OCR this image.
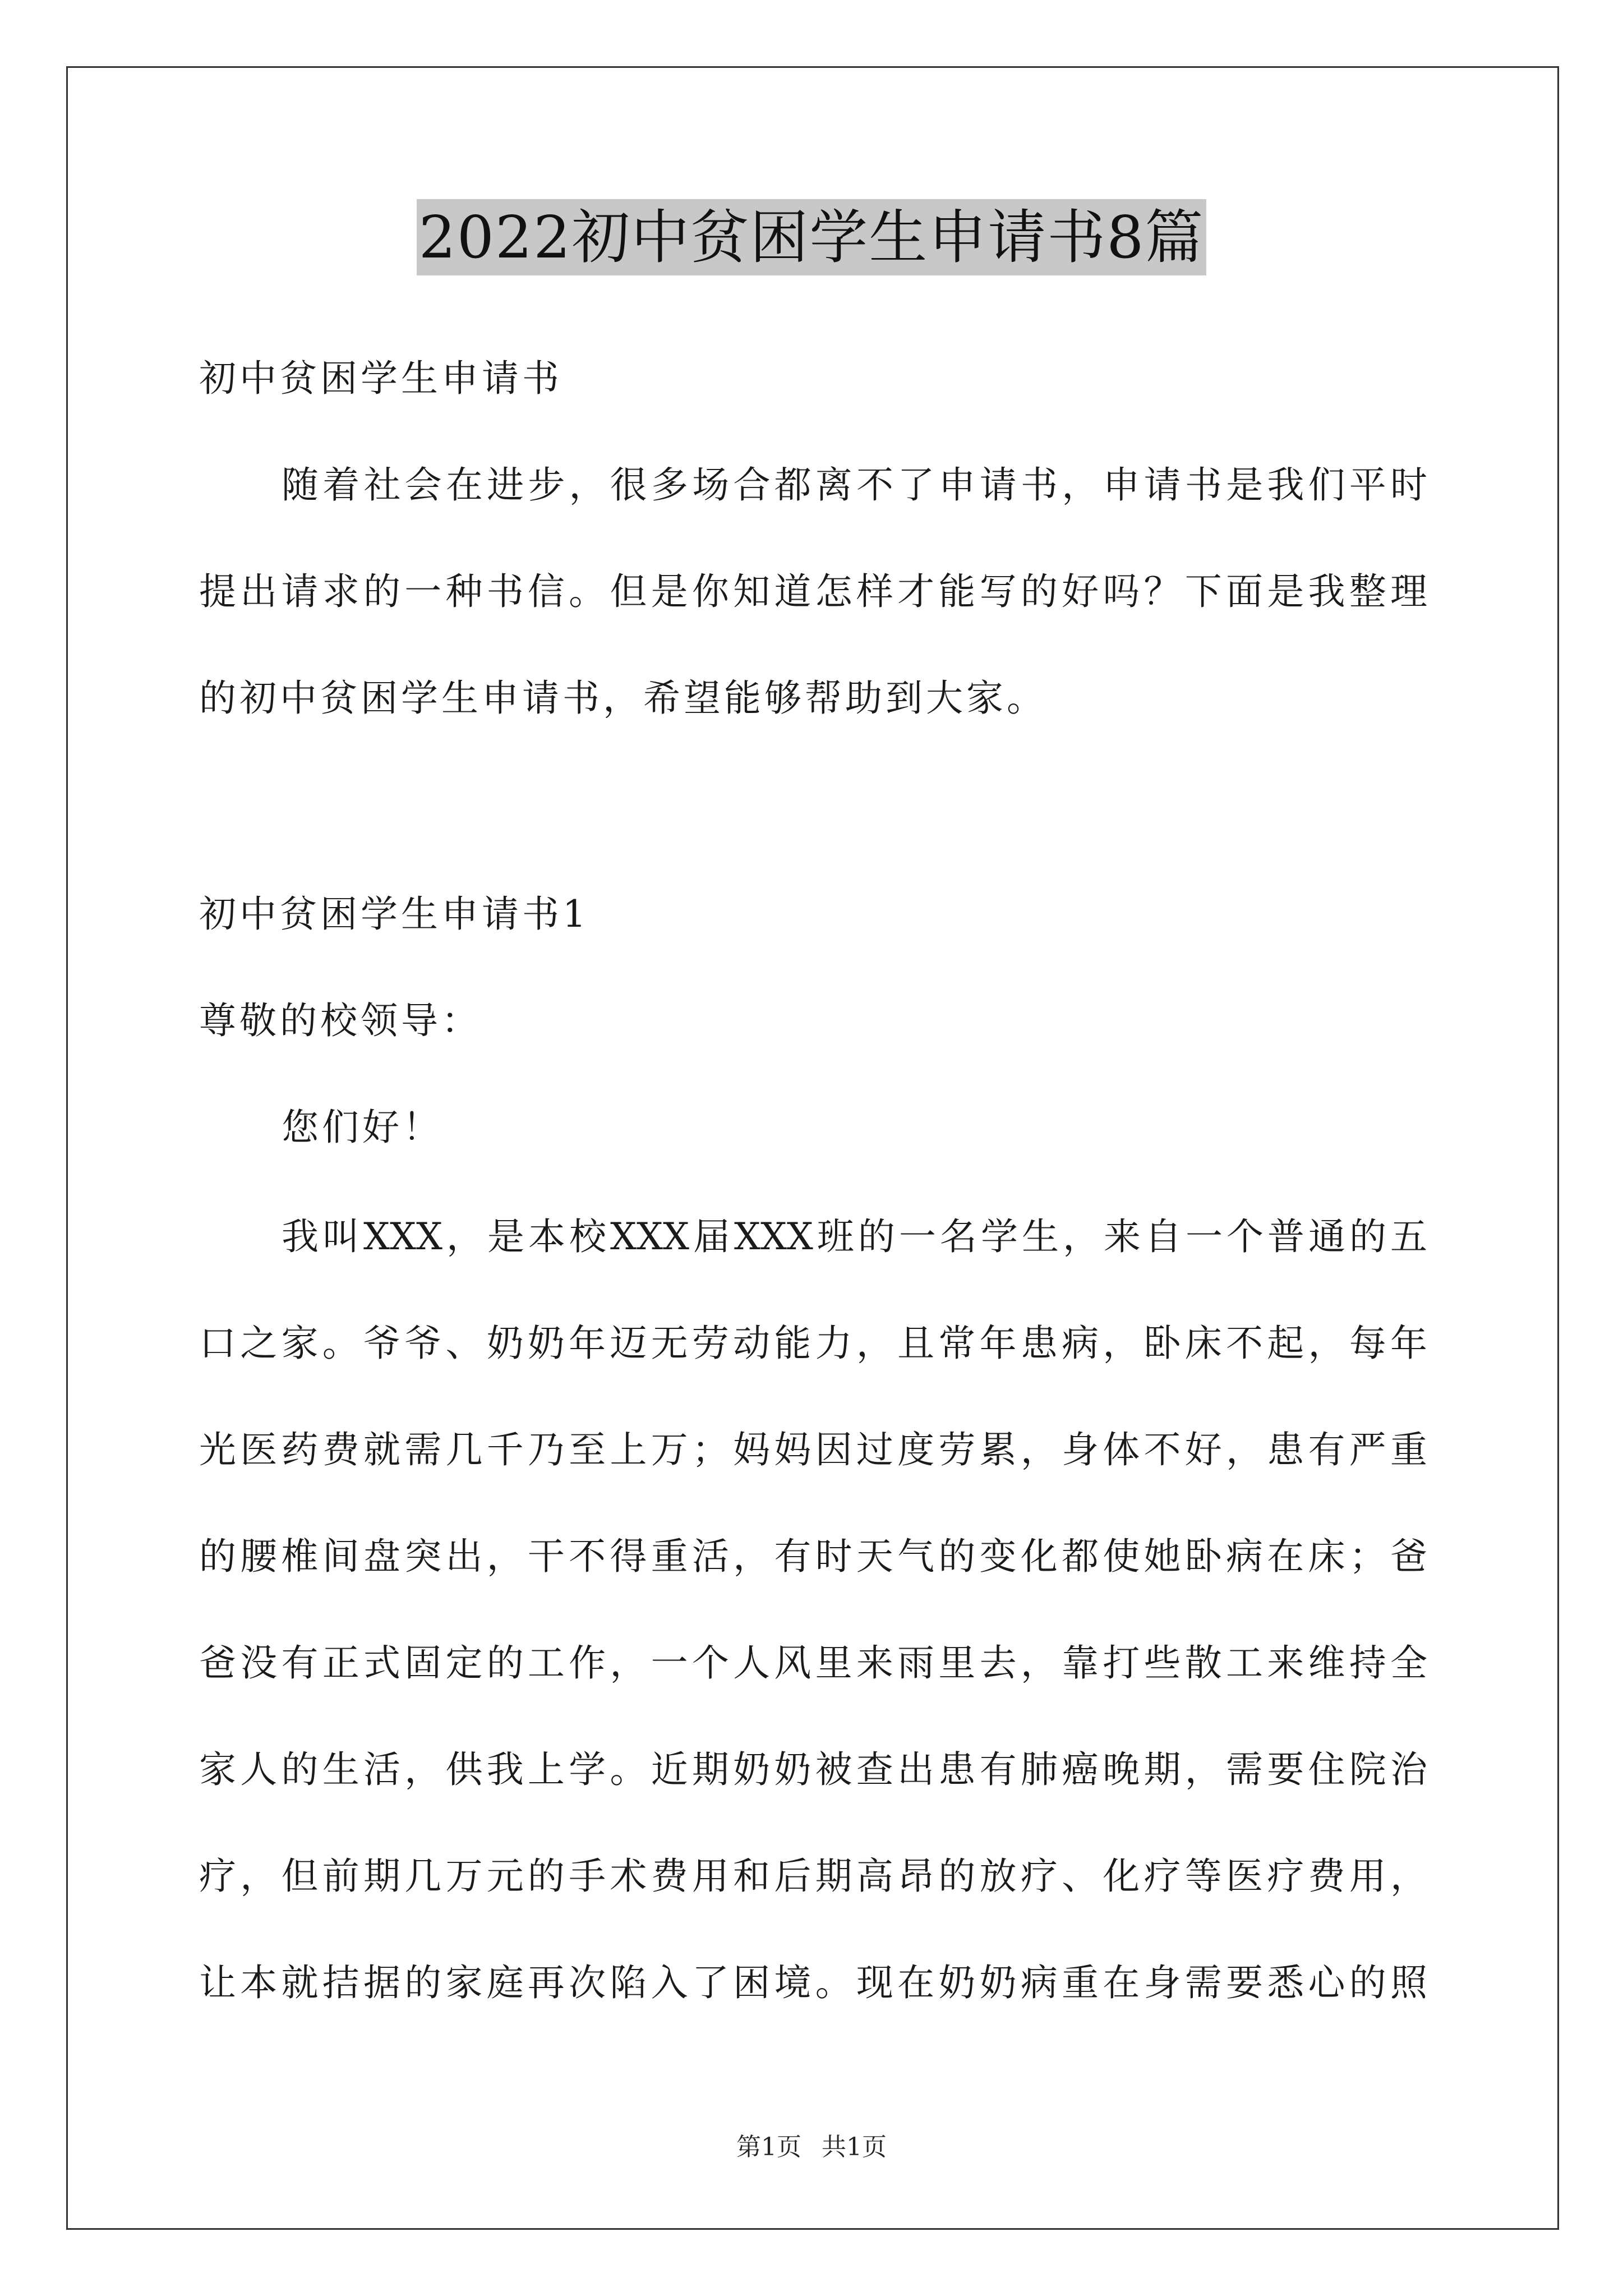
2022初中贫困学生申请书8篇
初中贫困学生申请书
随着社会在进步，很多场合都离不了申请书，申请书是我们平时
提出请求的一种书信。但是你知道怎样才能写的好吗？下面是我整理
的初中贫困学生申请书，希望能够帮助到大家。
初中贫困学生申请书1
尊敬的校领导：
您们好！
我叫XXX，是本校XXX届XXX班的一名学生，来自一个普通的五
口之家。爷爷、奶奶年迈无劳动能力，且常年患病，卧床不起，每年
光医药费就需几千乃至上万；妈妈因过度劳累，身体不好，患有严重
的腰椎间盘突出，干不得重活，有时天气的变化都使她卧病在床；爸
爸没有正式固定的工作，一个人风里来雨里去，靠打些散工来维持全
家人的生活，供我上学。近期奶奶被查出患有肺癌晚期，需要住院治
疗，但前期几万元的手术费用和后期高昂的放疗、化疗等医疗费用，
让本就拮据的家庭再次陷入了困境。现在奶奶病重在身需要悉心的照
第1页 共1页
